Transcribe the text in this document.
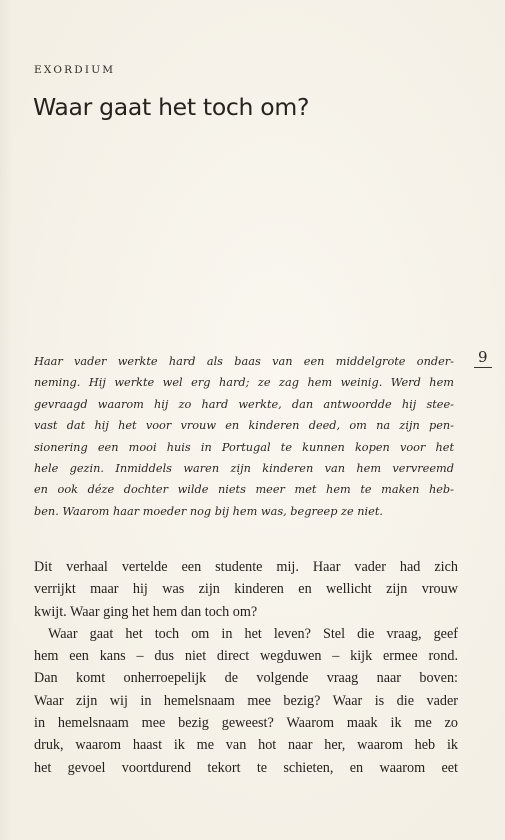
EXORDIUM
Waar gaat het toch om?
9
Haar vader werkte hard als baas van een middelgrote onder-
neming. Hij werkte wel erg hard; ze zag hem weinig. Werd hem
gevraagd waarom hij zo hard werkte, dan antwoordde hij stee-
vast dat hij het voor vrouw en kinderen deed, om na zijn pen-
sionering een mooi huis in Portugal te kunnen kopen voor het
hele gezin. Inmiddels waren zijn kinderen van hem vervreemd
en ook déze dochter wilde niets meer met hem te maken heb-
ben. Waarom haar moeder nog bij hem was, begreep ze niet.
Dit verhaal vertelde een studente mij. Haar vader had zich
verrijkt maar hij was zijn kinderen en wellicht zijn vrouw
kwijt. Waar ging het hem dan toch om?
Waar gaat het toch om in het leven? Stel die vraag, geef
hem een kans – dus niet direct wegduwen – kijk ermee rond.
Dan komt onherroepelijk de volgende vraag naar boven:
Waar zijn wij in hemelsnaam mee bezig? Waar is die vader
in hemelsnaam mee bezig geweest? Waarom maak ik me zo
druk, waarom haast ik me van hot naar her, waarom heb ik
het gevoel voortdurend tekort te schieten, en waarom eet
